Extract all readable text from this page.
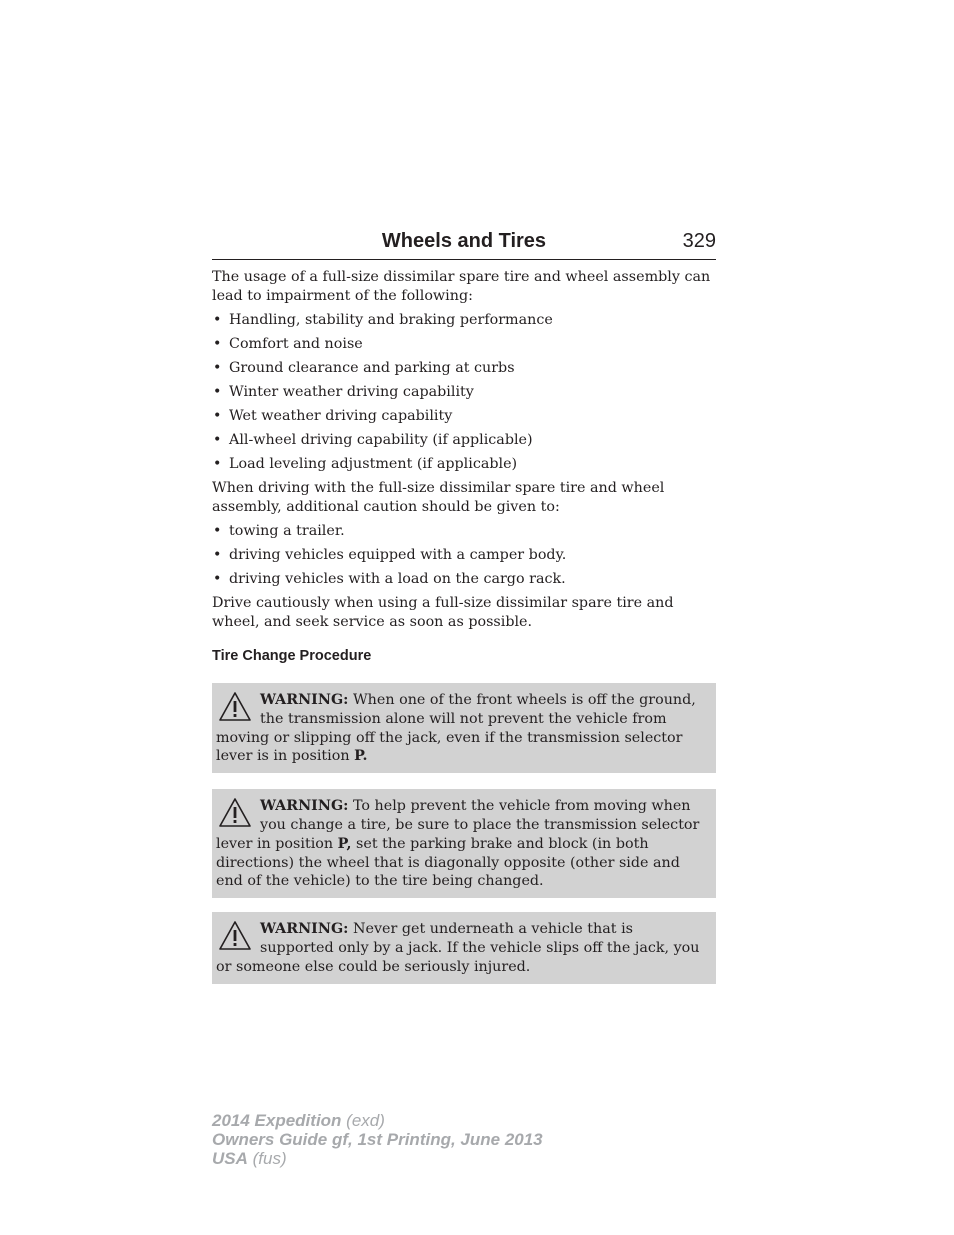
Wheels and Tires	329

The usage of a full-size dissimilar spare tire and wheel assembly can lead to impairment of the following:

• Handling, stability and braking performance
• Comfort and noise
• Ground clearance and parking at curbs
• Winter weather driving capability
• Wet weather driving capability
• All-wheel driving capability (if applicable)
• Load leveling adjustment (if applicable)

When driving with the full-size dissimilar spare tire and wheel assembly, additional caution should be given to:

• towing a trailer.
• driving vehicles equipped with a camper body.
• driving vehicles with a load on the cargo rack.

Drive cautiously when using a full-size dissimilar spare tire and wheel, and seek service as soon as possible.

Tire Change Procedure
WARNING: When one of the front wheels is off the ground, the transmission alone will not prevent the vehicle from moving or slipping off the jack, even if the transmission selector lever is in position P.
WARNING: To help prevent the vehicle from moving when you change a tire, be sure to place the transmission selector lever in position P, set the parking brake and block (in both directions) the wheel that is diagonally opposite (other side and end of the vehicle) to the tire being changed.
WARNING: Never get underneath a vehicle that is supported only by a jack. If the vehicle slips off the jack, you or someone else could be seriously injured.
2014 Expedition (exd)
Owners Guide gf, 1st Printing, June 2013
USA (fus)
